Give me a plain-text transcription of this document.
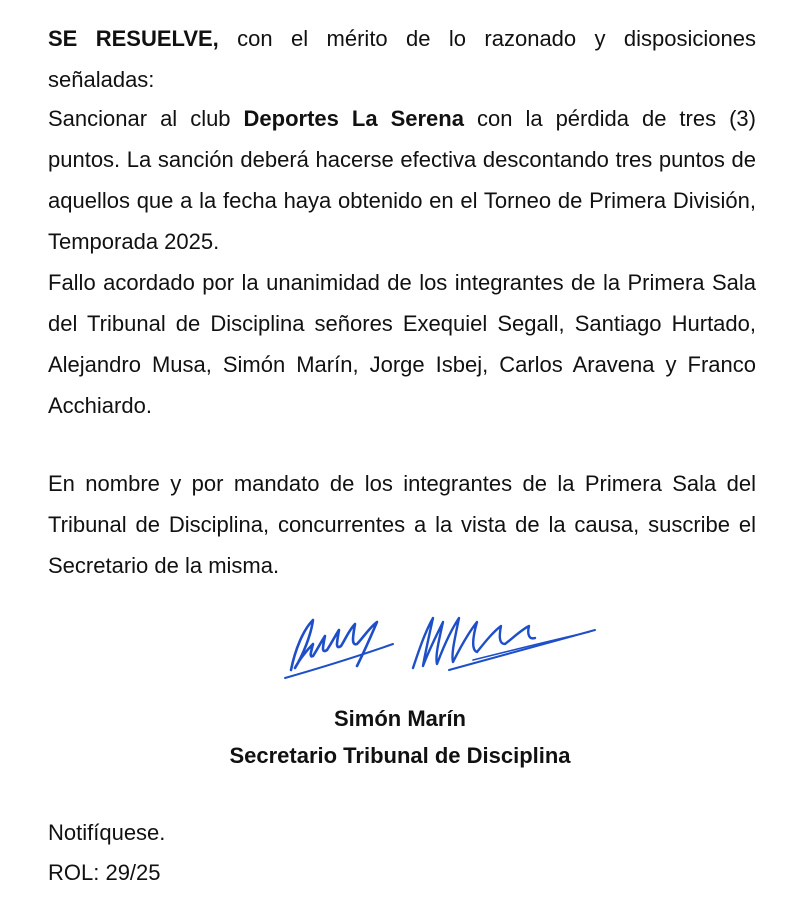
SE RESUELVE, con el mérito de lo razonado y disposiciones señaladas:

Sancionar al club Deportes La Serena con la pérdida de tres (3) puntos. La sanción deberá hacerse efectiva descontando tres puntos de aquellos que a la fecha haya obtenido en el Torneo de Primera División, Temporada 2025.

Fallo acordado por la unanimidad de los integrantes de la Primera Sala del Tribunal de Disciplina señores Exequiel Segall, Santiago Hurtado, Alejandro Musa, Simón Marín, Jorge Isbej, Carlos Aravena y Franco Acchiardo.

En nombre y por mandato de los integrantes de la Primera Sala del Tribunal de Disciplina, concurrentes a la vista de la causa, suscribe el Secretario de la misma.
Simón Marín
Secretario Tribunal de Disciplina
Notifíquese.
ROL: 29/25
